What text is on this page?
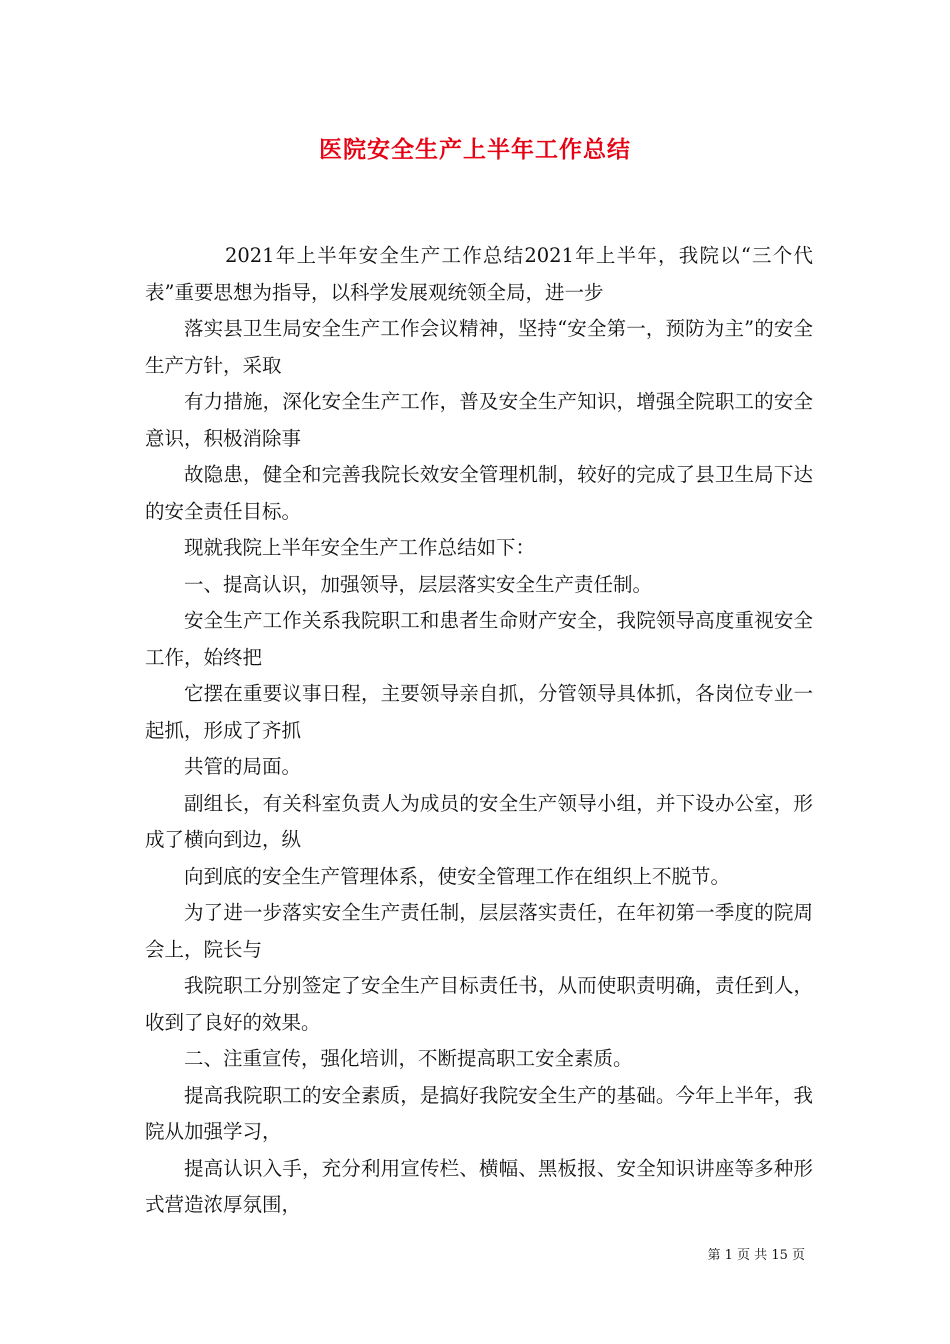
医院安全生产上半年工作总结

2021年上半年安全生产工作总结2021年上半年，我院以“三个代表”重要思想为指导，以科学发展观统领全局，进一步

落实县卫生局安全生产工作会议精神，坚持“安全第一，预防为主”的安全生产方针，采取

有力措施，深化安全生产工作，普及安全生产知识，增强全院职工的安全意识，积极消除事

故隐患，健全和完善我院长效安全管理机制，较好的完成了县卫生局下达的安全责任目标。

现就我院上半年安全生产工作总结如下：

一、提高认识，加强领导，层层落实安全生产责任制。

安全生产工作关系我院职工和患者生命财产安全，我院领导高度重视安全工作，始终把

它摆在重要议事日程，主要领导亲自抓，分管领导具体抓，各岗位专业一起抓，形成了齐抓

共管的局面。

副组长，有关科室负责人为成员的安全生产领导小组，并下设办公室，形成了横向到边，纵

向到底的安全生产管理体系，使安全管理工作在组织上不脱节。

为了进一步落实安全生产责任制，层层落实责任，在年初第一季度的院周会上，院长与

我院职工分别签定了安全生产目标责任书，从而使职责明确，责任到人，收到了良好的效果。

二、注重宣传，强化培训，不断提高职工安全素质。

提高我院职工的安全素质，是搞好我院安全生产的基础。今年上半年，我院从加强学习，

提高认识入手，充分利用宣传栏、横幅、黑板报、安全知识讲座等多种形式营造浓厚氛围，

第 1 页 共 15 页
